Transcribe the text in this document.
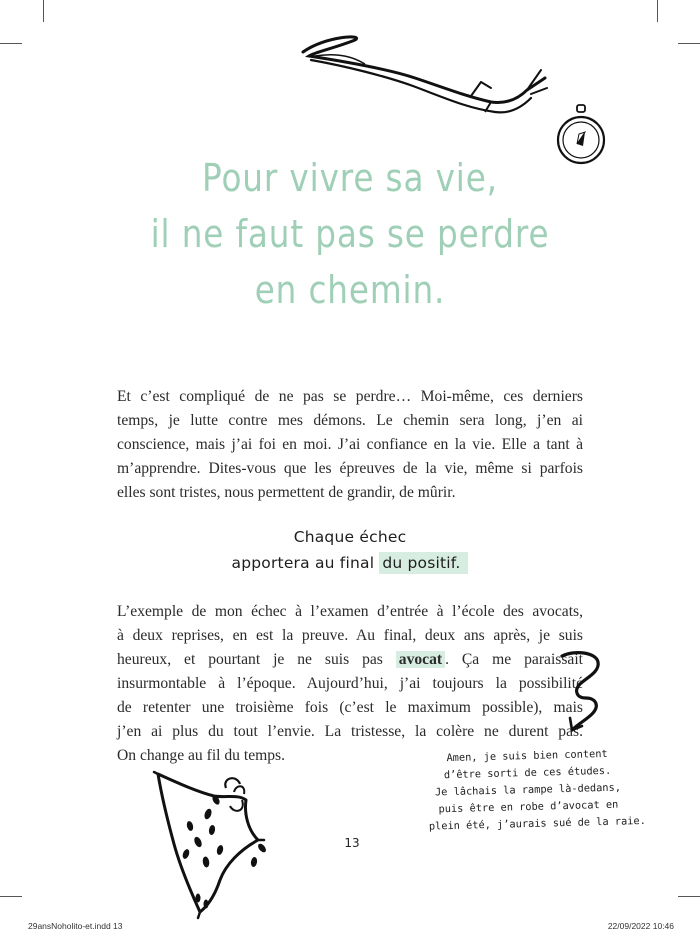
Pour vivre sa vie,
il ne faut pas se perdre
en chemin.
Et c’est compliqué de ne pas se perdre… Moi-même, ces derniers
temps, je lutte contre mes démons. Le chemin sera long, j’en ai
conscience, mais j’ai foi en moi. J’ai confiance en la vie. Elle a tant à
m’apprendre. Dites-vous que les épreuves de la vie, même si parfois
elles sont tristes, nous permettent de grandir, de mûrir.
Chaque échec
apportera au final du positif.
L’exemple de mon échec à l’examen d’entrée à l’école des avocats,
à deux reprises, en est la preuve. Au final, deux ans après, je suis
heureux, et pourtant je ne suis pas avocat . Ça me paraissait
insurmontable à l’époque. Aujourd’hui, j’ai toujours la possibilité
de retenter une troisième fois (c’est le maximum possible), mais
j’en ai plus du tout l’envie. La tristesse, la colère ne durent pas.
On change au fil du temps.	Amen, je suis bien content
d’être sorti de ces études.
Je lâchais la rampe là-dedans,
puis être en robe d’avocat en
plein été, j’aurais sué de la raie.
13
29ansNoholito-et.indd 13	22/09/2022 10:46
